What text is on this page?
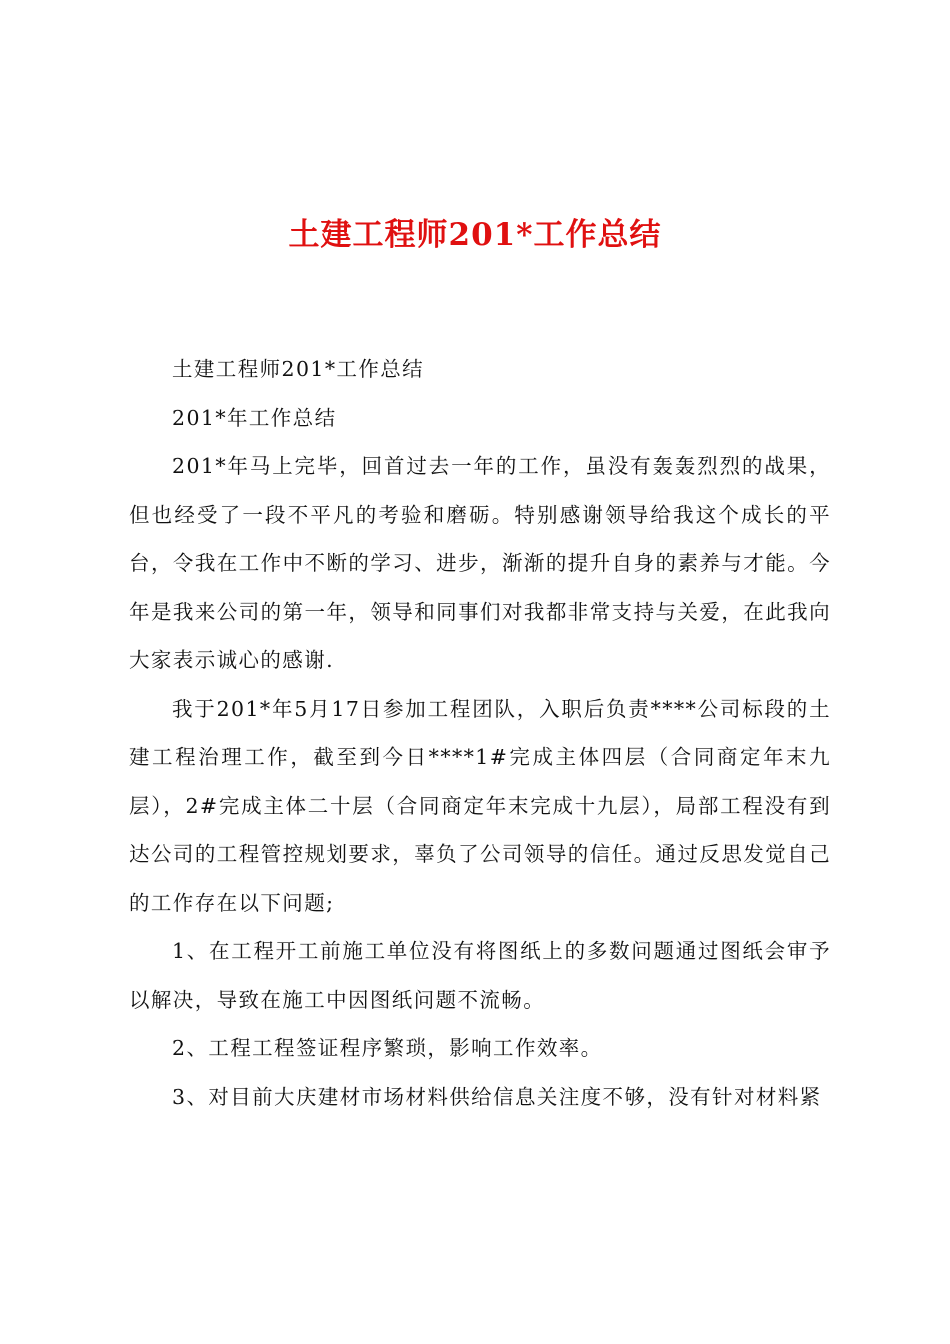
土建工程师201*工作总结

土建工程师201*工作总结

201*年工作总结

201*年马上完毕，回首过去一年的工作，虽没有轰轰烈烈的战果，但也经受了一段不平凡的考验和磨砺。特别感谢领导给我这个成长的平台，令我在工作中不断的学习、进步，渐渐的提升自身的素养与才能。今年是我来公司的第一年，领导和同事们对我都非常支持与关爱，在此我向大家表示诚心的感谢.

我于201*年5月17日参加工程团队，入职后负责****公司标段的土建工程治理工作，截至到今日****1#完成主体四层（合同商定年末九层），2#完成主体二十层（合同商定年末完成十九层），局部工程没有到达公司的工程管控规划要求，辜负了公司领导的信任。通过反思发觉自己的工作存在以下问题;

1、在工程开工前施工单位没有将图纸上的多数问题通过图纸会审予以解决，导致在施工中因图纸问题不流畅。

2、工程工程签证程序繁琐，影响工作效率。

3、对目前大庆建材市场材料供给信息关注度不够，没有针对材料紧
